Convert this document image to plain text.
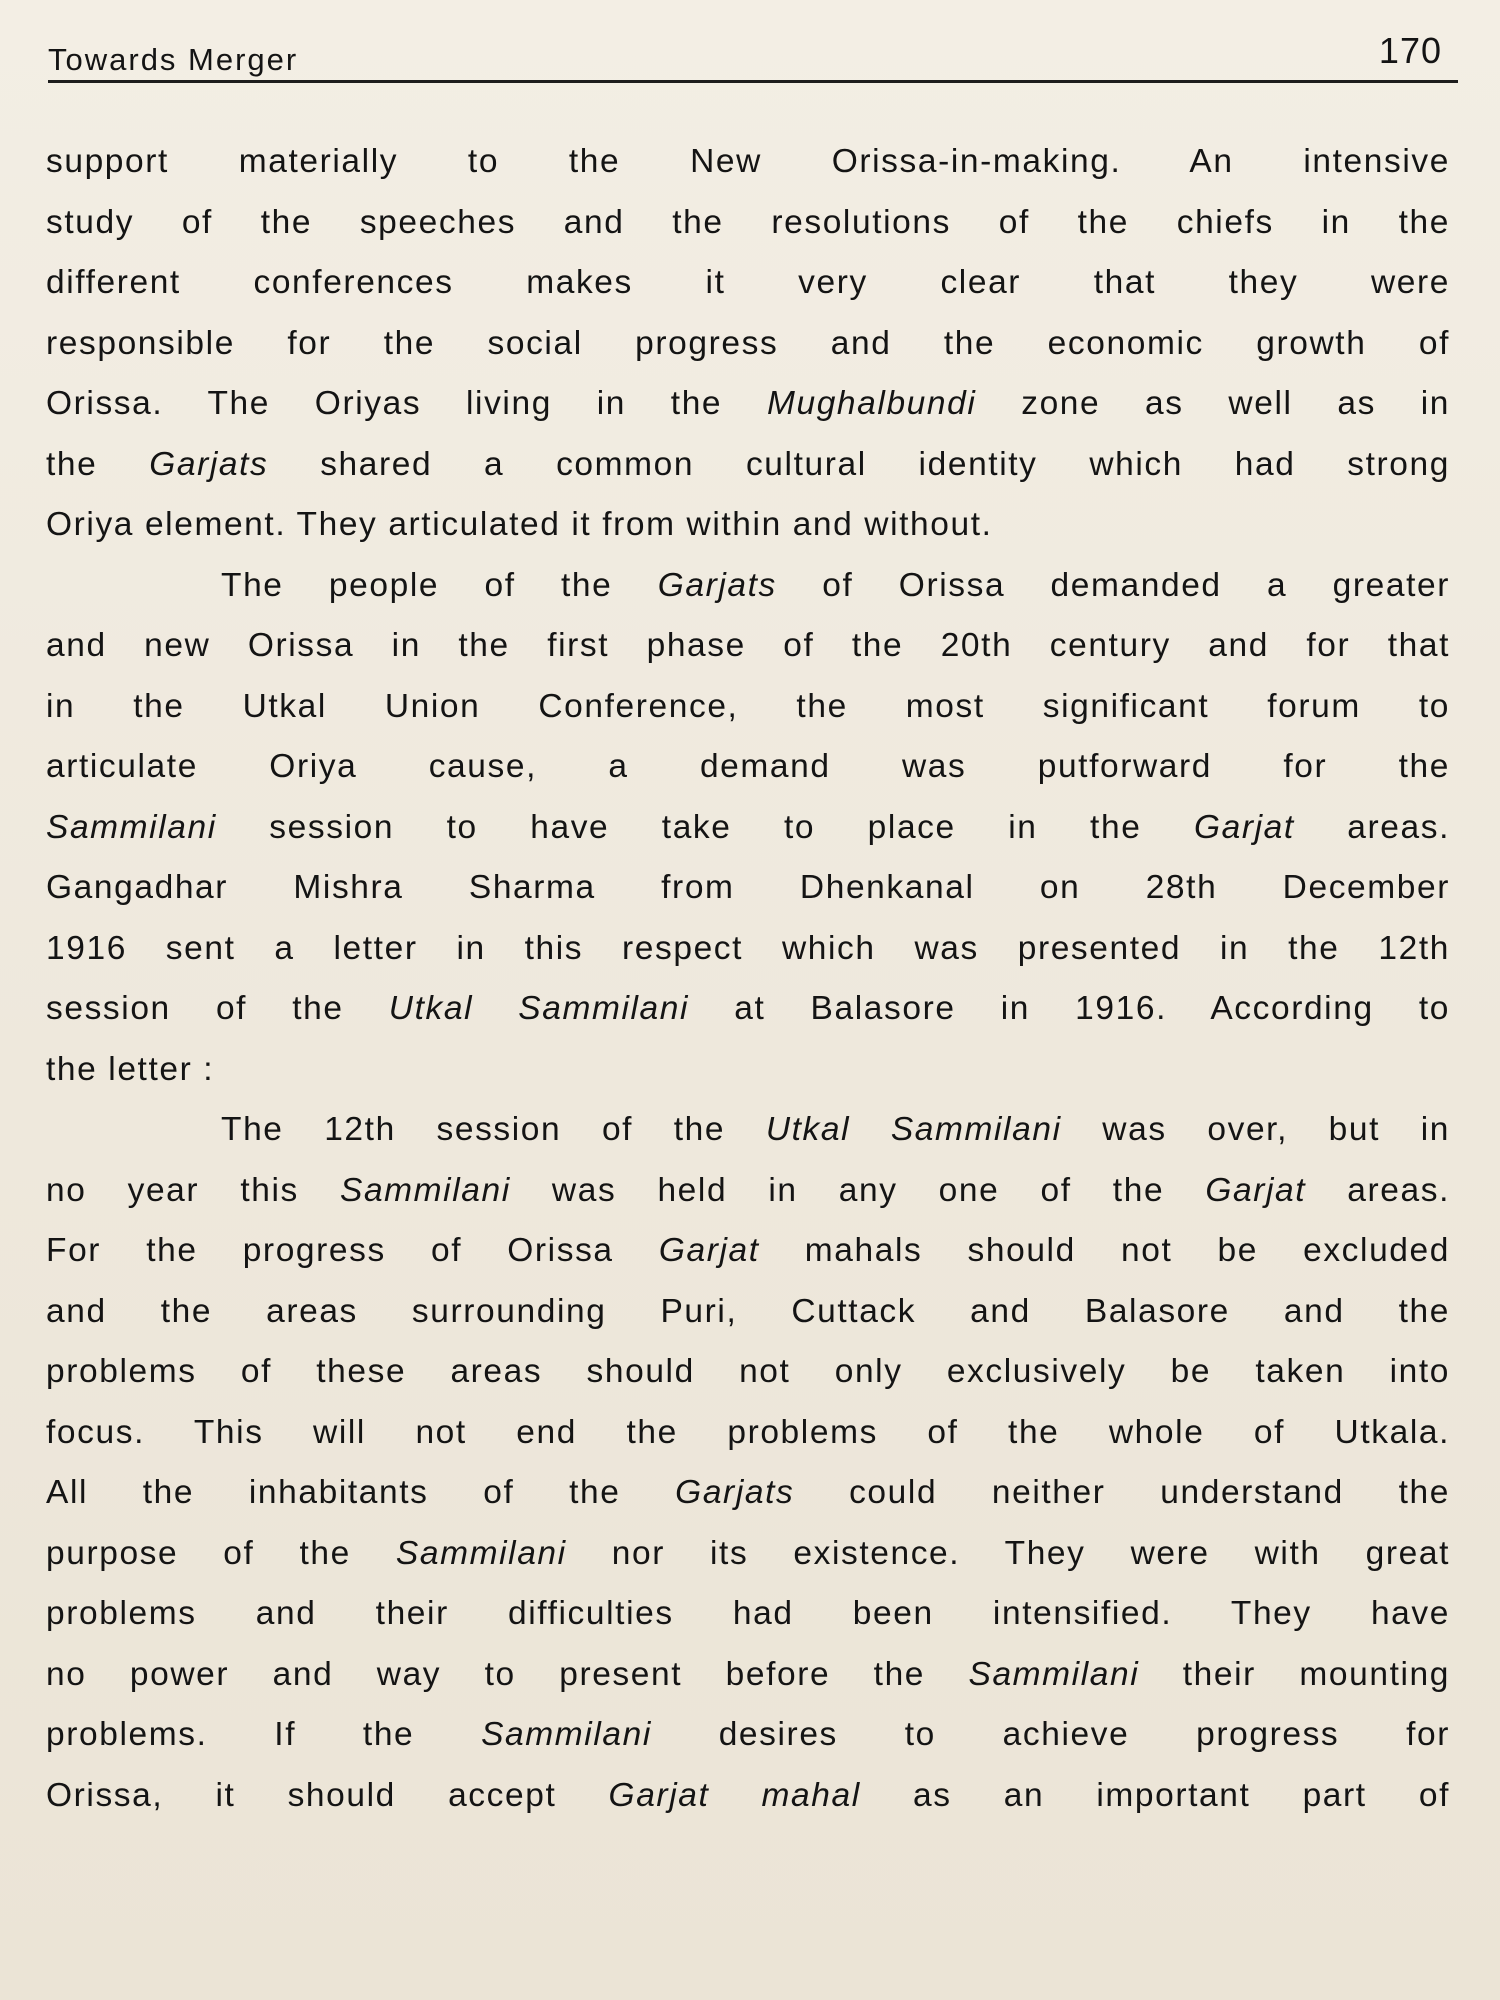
Towards Merger	170

support materially to the New Orissa-in-making. An intensive
study of the speeches and the resolutions of the chiefs in the
different conferences makes it very clear that they were
responsible for the social progress and the economic growth of
Orissa. The Oriyas living in the Mughalbundi zone as well as in
the Garjats shared a common cultural identity which had strong
Oriya element. They articulated it from within and without.

The people of the Garjats of Orissa demanded a greater
and new Orissa in the first phase of the 20th century and for that
in the Utkal Union Conference, the most significant forum to
articulate Oriya cause, a demand was putforward for the
Sammilani session to have take to place in the Garjat areas.
Gangadhar Mishra Sharma from Dhenkanal on 28th December
1916 sent a letter in this respect which was presented in the 12th
session of the Utkal Sammilani at Balasore in 1916. According to
the letter :

The 12th session of the Utkal Sammilani was over, but in
no year this Sammilani was held in any one of the Garjat areas.
For the progress of Orissa Garjat mahals should not be excluded
and the areas surrounding Puri, Cuttack and Balasore and the
problems of these areas should not only exclusively be taken into
focus. This will not end the problems of the whole of Utkala.
All the inhabitants of the Garjats could neither understand the
purpose of the Sammilani nor its existence. They were with great
problems and their difficulties had been intensified. They have
no power and way to present before the Sammilani their mounting
problems. If the Sammilani desires to achieve progress for
Orissa, it should accept Garjat mahal as an important part of
